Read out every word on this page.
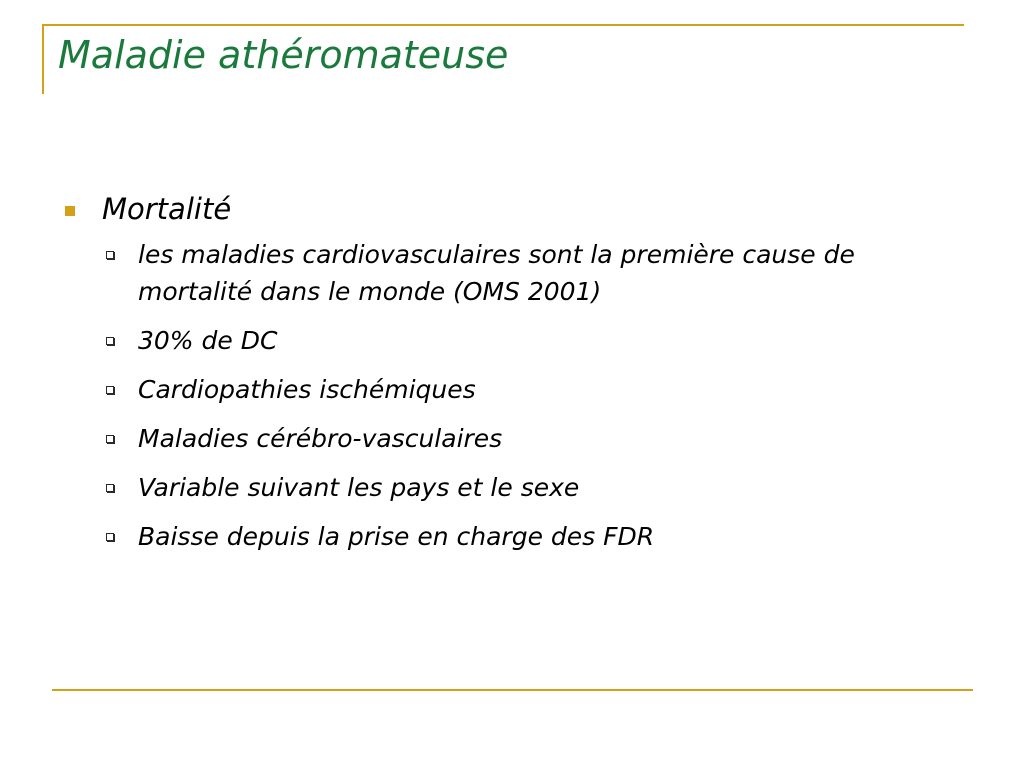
Maladie athéromateuse
Mortalité
les maladies cardiovasculaires sont la première cause de mortalité dans le monde (OMS 2001)
30% de DC
Cardiopathies ischémiques
Maladies cérébro-vasculaires
Variable suivant les pays et le sexe
Baisse depuis la prise en charge des FDR
